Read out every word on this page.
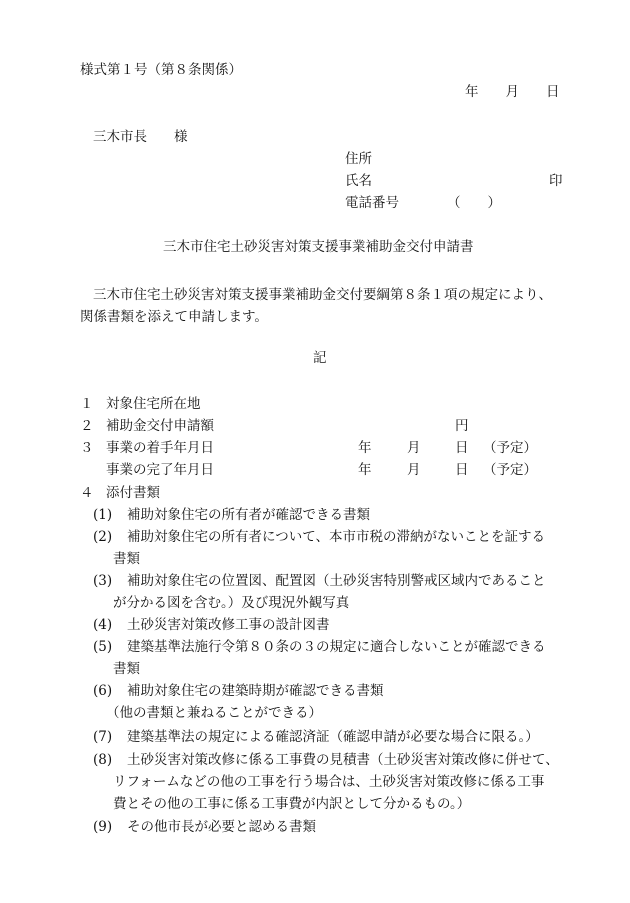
様式第１号（第８条関係）
年　　月　　日
三木市長　　様
住所
氏名	印
電話番号	（　　）
三木市住宅土砂災害対策支援事業補助金交付申請書
三木市住宅土砂災害対策支援事業補助金交付要綱第８条１項の規定により、
関係書類を添えて申請します。
記
１ 対象住宅所在地
２ 補助金交付申請額	円
３ 事業の着手年月日	年	月	日 （予定）
事業の完了年月日	年	月	日 （予定）
４ 添付書類
(1) 補助対象住宅の所有者が確認できる書類
(2) 補助対象住宅の所有者について、本市市税の滞納がないことを証する
書類
(3) 補助対象住宅の位置図、配置図（土砂災害特別警戒区域内であること
が分かる図を含む。）及び現況外観写真
(4) 土砂災害対策改修工事の設計図書
(5) 建築基準法施行令第８０条の３の規定に適合しないことが確認できる
書類
(6) 補助対象住宅の建築時期が確認できる書類
（他の書類と兼ねることができる）
(7) 建築基準法の規定による確認済証（確認申請が必要な場合に限る。）
(8) 土砂災害対策改修に係る工事費の見積書（土砂災害対策改修に併せて、
リフォームなどの他の工事を行う場合は、土砂災害対策改修に係る工事
費とその他の工事に係る工事費が内訳として分かるもの。）
(9) その他市長が必要と認める書類
